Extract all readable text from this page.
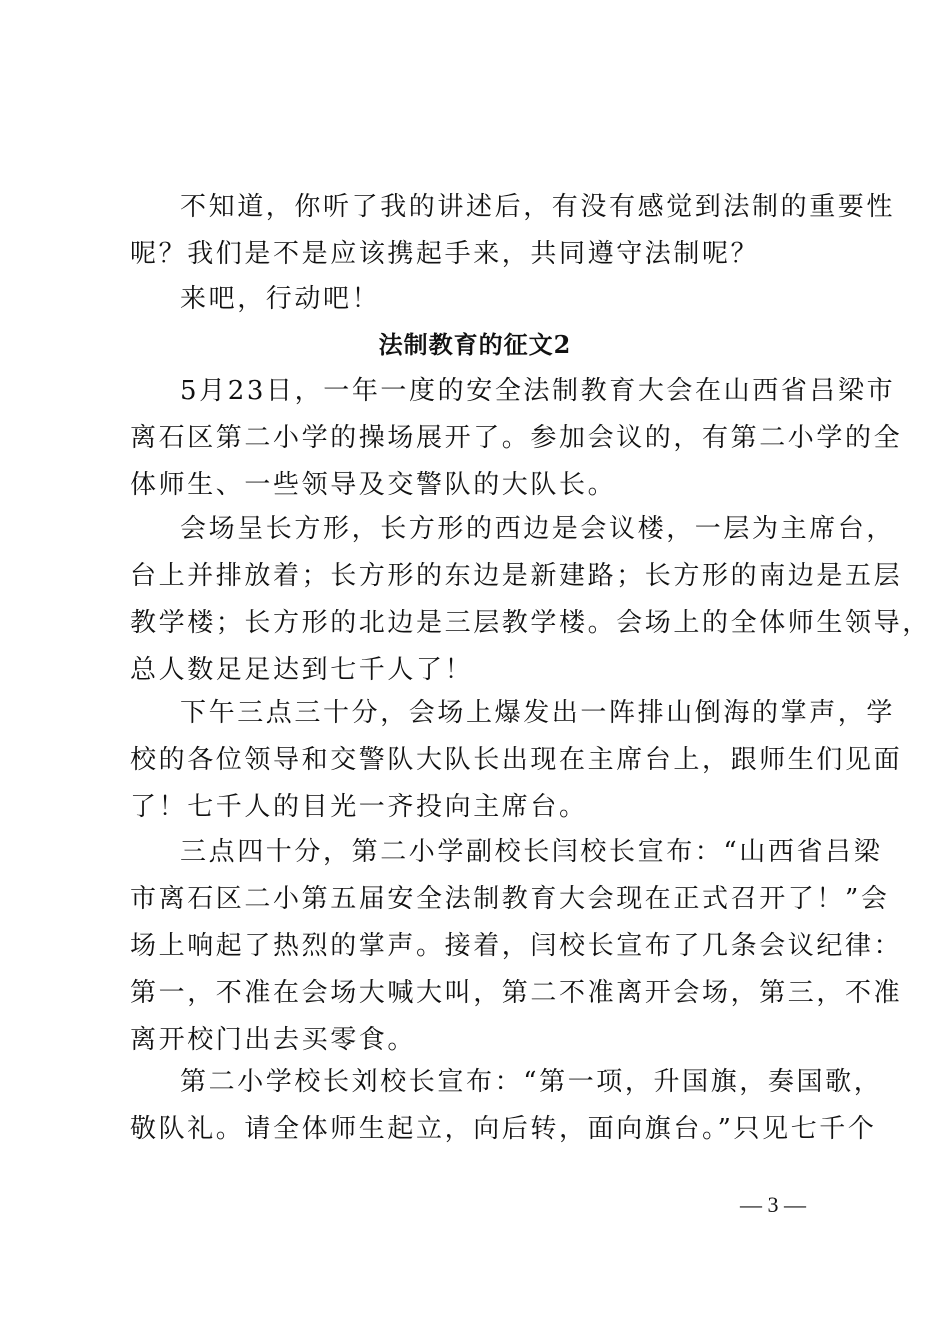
不知道，你听了我的讲述后，有没有感觉到法制的重要性
呢？我们是不是应该携起手来，共同遵守法制呢？
来吧，行动吧！
法制教育的征文2
5月23日，一年一度的安全法制教育大会在山西省吕梁市
离石区第二小学的操场展开了。参加会议的，有第二小学的全
体师生、一些领导及交警队的大队长。
会场呈长方形，长方形的西边是会议楼，一层为主席台，
台上并排放着；长方形的东边是新建路；长方形的南边是五层
教学楼；长方形的北边是三层教学楼。会场上的全体师生领导，
总人数足足达到七千人了！
下午三点三十分，会场上爆发出一阵排山倒海的掌声，学
校的各位领导和交警队大队长出现在主席台上，跟师生们见面
了！七千人的目光一齐投向主席台。
三点四十分，第二小学副校长闫校长宣布：“山西省吕梁
市离石区二小第五届安全法制教育大会现在正式召开了！”会
场上响起了热烈的掌声。接着，闫校长宣布了几条会议纪律：
第一，不准在会场大喊大叫，第二不准离开会场，第三，不准
离开校门出去买零食。
第二小学校长刘校长宣布：“第一项，升国旗，奏国歌，
敬队礼。请全体师生起立，向后转，面向旗台。”只见七千个
— 3 —
